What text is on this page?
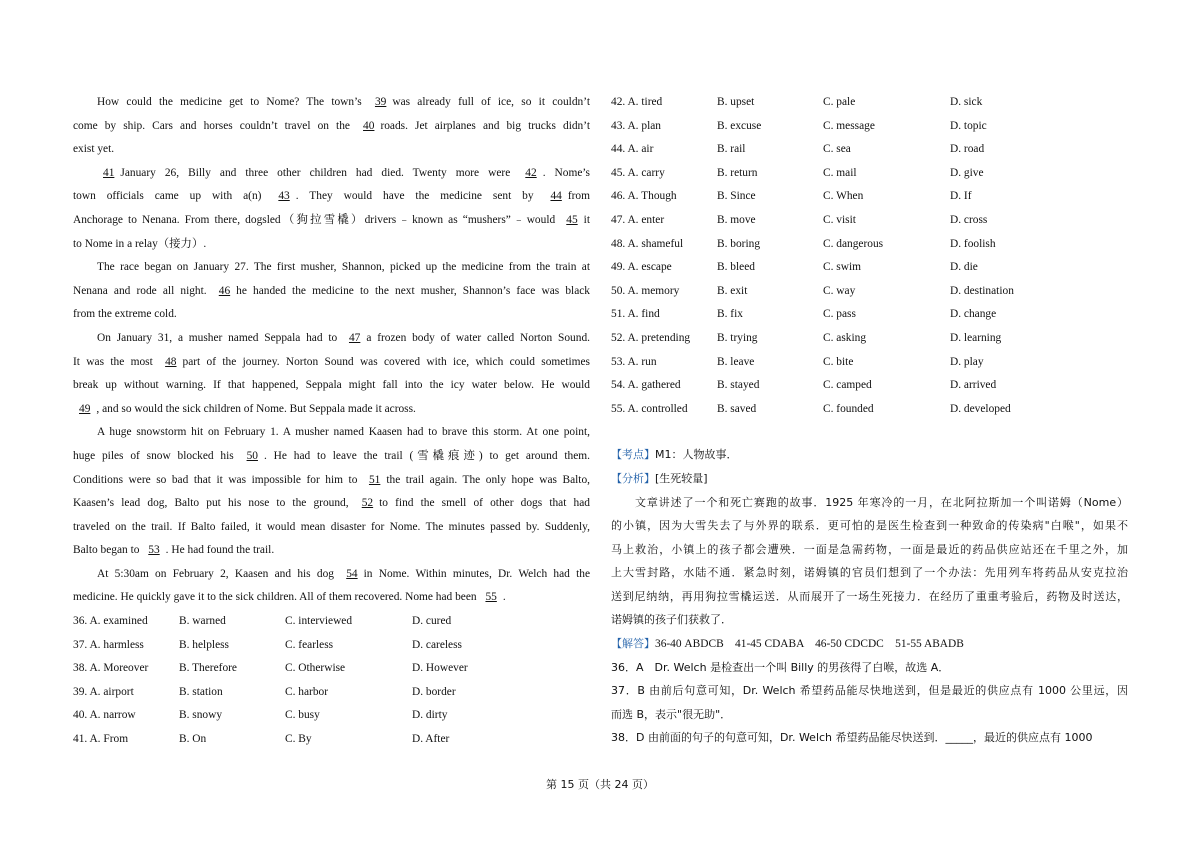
How could the medicine get to Nome? The town’s 39 was already full of ice, so it couldn’t
come by ship. Cars and horses couldn’t travel on the 40 roads. Jet airplanes and big trucks didn’t
exist yet.
41 January 26, Billy and three other children had died. Twenty more were 42 . Nome’s
town officials came up with a(n) 43 . They would have the medicine sent by 44 from
Anchorage to Nenana. From there, dogsled（狗拉雪橇）drivers﹣known as “mushers”﹣would 45 it
to Nome in a relay（接力）.
The race began on January 27. The first musher, Shannon, picked up the medicine from the train at
Nenana and rode all night. 46 he handed the medicine to the next musher, Shannon’s face was black
from the extreme cold.
On January 31, a musher named Seppala had to 47 a frozen body of water called Norton Sound.
It was the most 48 part of the journey. Norton Sound was covered with ice, which could sometimes
break up without warning. If that happened, Seppala might fall into the icy water below. He would
49 , and so would the sick children of Nome. But Seppala made it across.
A huge snowstorm hit on February 1. A musher named Kaasen had to brave this storm. At one point,
huge piles of snow blocked his 50 . He had to leave the trail (雪橇痕迹) to get around them.
Conditions were so bad that it was impossible for him to 51 the trail again. The only hope was Balto,
Kaasen’s lead dog, Balto put his nose to the ground, 52 to find the smell of other dogs that had
traveled on the trail. If Balto failed, it would mean disaster for Nome. The minutes passed by. Suddenly,
Balto began to 53 . He had found the trail.
At 5:30am on February 2, Kaasen and his dog 54 in Nome. Within minutes, Dr. Welch had the
medicine. He quickly gave it to the sick children. All of them recovered. Nome had been 55 .
36. A. examined	B. warned	C. interviewed	D. cured
37. A. harmless	B. helpless	C. fearless	D. careless
38. A. Moreover	B. Therefore	C. Otherwise	D. However
39. A. airport	B. station	C. harbor	D. border
40. A. narrow	B. snowy	C. busy	D. dirty
41. A. From	B. On	C. By	D. After
42. A. tired	B. upset	C. pale	D. sick
43. A. plan	B. excuse	C. message	D. topic
44. A. air	B. rail	C. sea	D. road
45. A. carry	B. return	C. mail	D. give
46. A. Though	B. Since	C. When	D. If
47. A. enter	B. move	C. visit	D. cross
48. A. shameful	B. boring	C. dangerous	D. foolish
49. A. escape	B. bleed	C. swim	D. die
50. A. memory	B. exit	C. way	D. destination
51. A. find	B. fix	C. pass	D. change
52. A. pretending	B. trying	C. asking	D. learning
53. A. run	B. leave	C. bite	D. play
54. A. gathered	B. stayed	C. camped	D. arrived
55. A. controlled	B. saved	C. founded	D. developed
【考点】M1：人物故事．
【分析】[生死较量]
文章讲述了一个和死亡赛跑的故事．1925 年寒冷的一月，在北阿拉斯加一个叫诺姆（Nome）
的小镇，因为大雪失去了与外界的联系．更可怕的是医生检查到一种致命的传染病"白喉"，如果不
马上救治，小镇上的孩子都会遭殃．一面是急需药物，一面是最近的药品供应站还在千里之外，加
上大雪封路，水陆不通．紧急时刻，诺姆镇的官员们想到了一个办法：先用列车将药品从安克拉治
送到尼纳纳，再用狗拉雪橇运送．从而展开了一场生死接力．在经历了重重考验后，药物及时送达，
诺姆镇的孩子们获救了．
【解答】36-40 ABDCB　41-45 CDABA　46-50 CDCDC　51-55 ABADB
36．A　Dr. Welch 是检查出一个叫 Billy 的男孩得了白喉，故选 A．
37．B 由前后句意可知，Dr. Welch 希望药品能尽快地送到，但是最近的供应点有 1000 公里远，因
而选 B，表示"很无助"．
38．D 由前面的句子的句意可知，Dr. Welch 希望药品能尽快送到．_____，最近的供应点有 1000
第 15 页（共 24 页）
